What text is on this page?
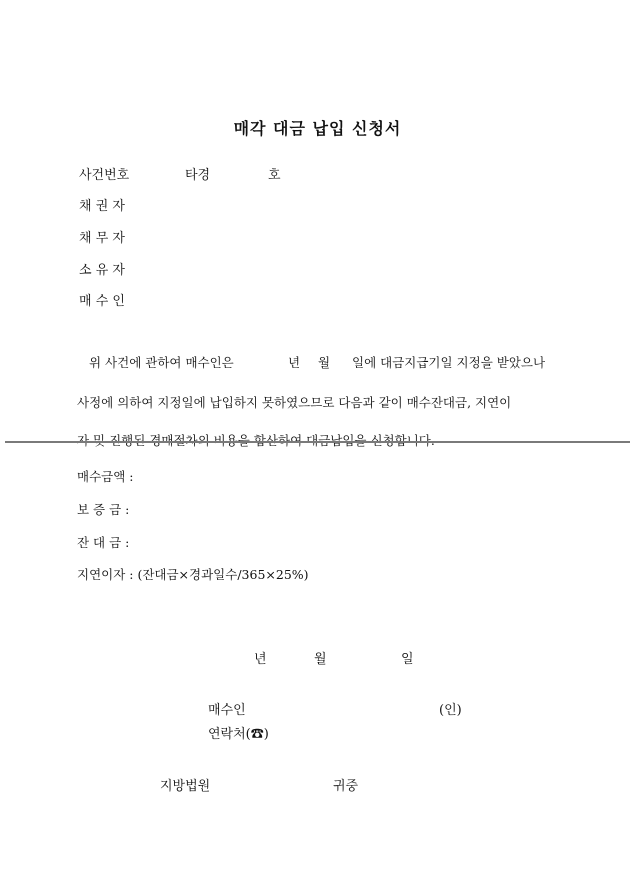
매각 대금 납입 신청서
사건번호	타경	호
채 권 자
채 무 자
소 유 자
매 수 인
위 사건에 관하여 매수인은	년 월 일에 대금지급기일 지정을 받았으나
사정에 의하여 지정일에 납입하지 못하였으므로 다음과 같이 매수잔대금, 지연이
매수금액 :
보 증 금 :
잔 대 금 :
지연이자 : (잔대금×경과일수/365×25%)
년	월	일
매수인	(인)
연락처(☎)
지방법원	귀중
